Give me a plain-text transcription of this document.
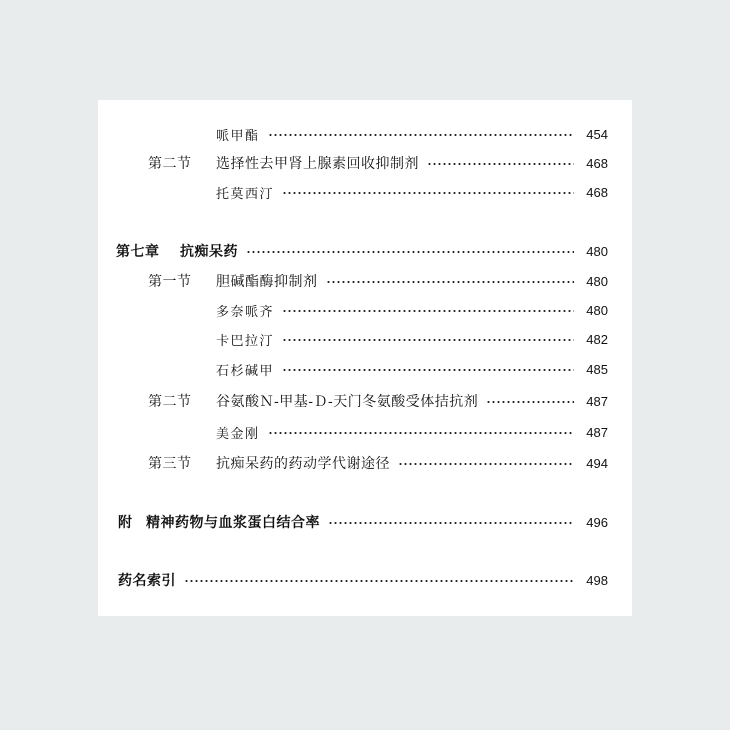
哌甲酯	454
第二节 选择性去甲肾上腺素回收抑制剂	468
托莫西汀	468
第七章 抗痴呆药	480
第一节 胆碱酯酶抑制剂	480
多奈哌齐	480
卡巴拉汀	482
石杉碱甲	485
第二节 谷氨酸Ｎ-甲基-Ｄ-天门冬氨酸受体拮抗剂	487
美金刚	487
第三节 抗痴呆药的药动学代谢途径	494
附 精神药物与血浆蛋白结合率	496
药名索引	498
